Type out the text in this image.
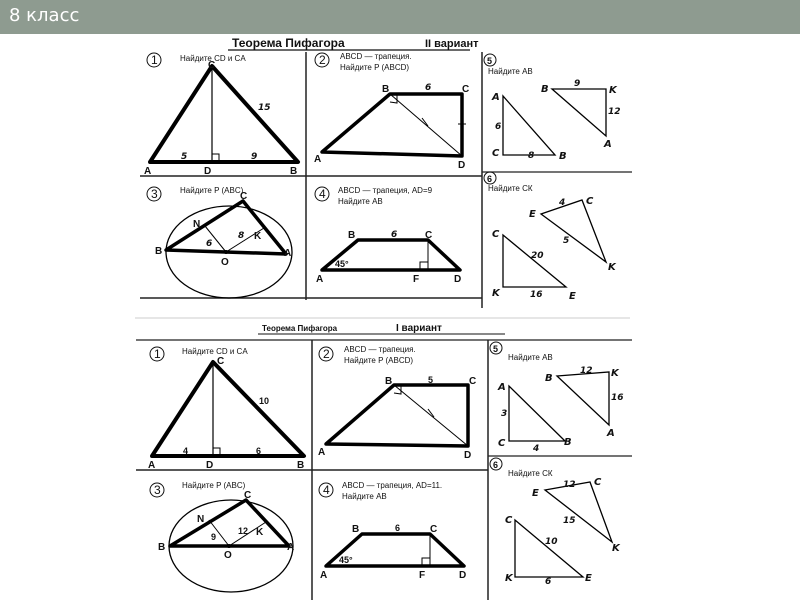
8 класс
Теорема Пифагора	II вариант
1	Найдите CD и CA
A	D	B
C
5	9
15
2 ABCD — трапеция.
Найдите P (ABCD)
A
B	C
D
6
3	Найдите P (ABC)
N
K
O
B
C
A
6
8
4 ABCD — трапеция, AD=9
Найдите AB
45°
A
B	C
D
F
6
5
Найдите АВ
A
C	B
B	K
A
6
8
9
12
6
Найдите СК
E
C
K
C
K	E
4
5
20
16
Теорема Пифагора	I вариант
1	Найдите CD и CA
A	D	B
C
4	6
10
2 ABCD — трапеция.
Найдите P (ABCD)
A
B	C
D
5
3	Найдите P (ABC)
N
K
O
B
C
A
9
12
4 ABCD — трапеция, AD=11.
Найдите AB
45°
A
B	C
D
F
6
5
Найдите АВ
A
C	B
B	K
A
3
4
12
16
6
Найдите СК
E
C
K
C
K	E
12
15
10
6
